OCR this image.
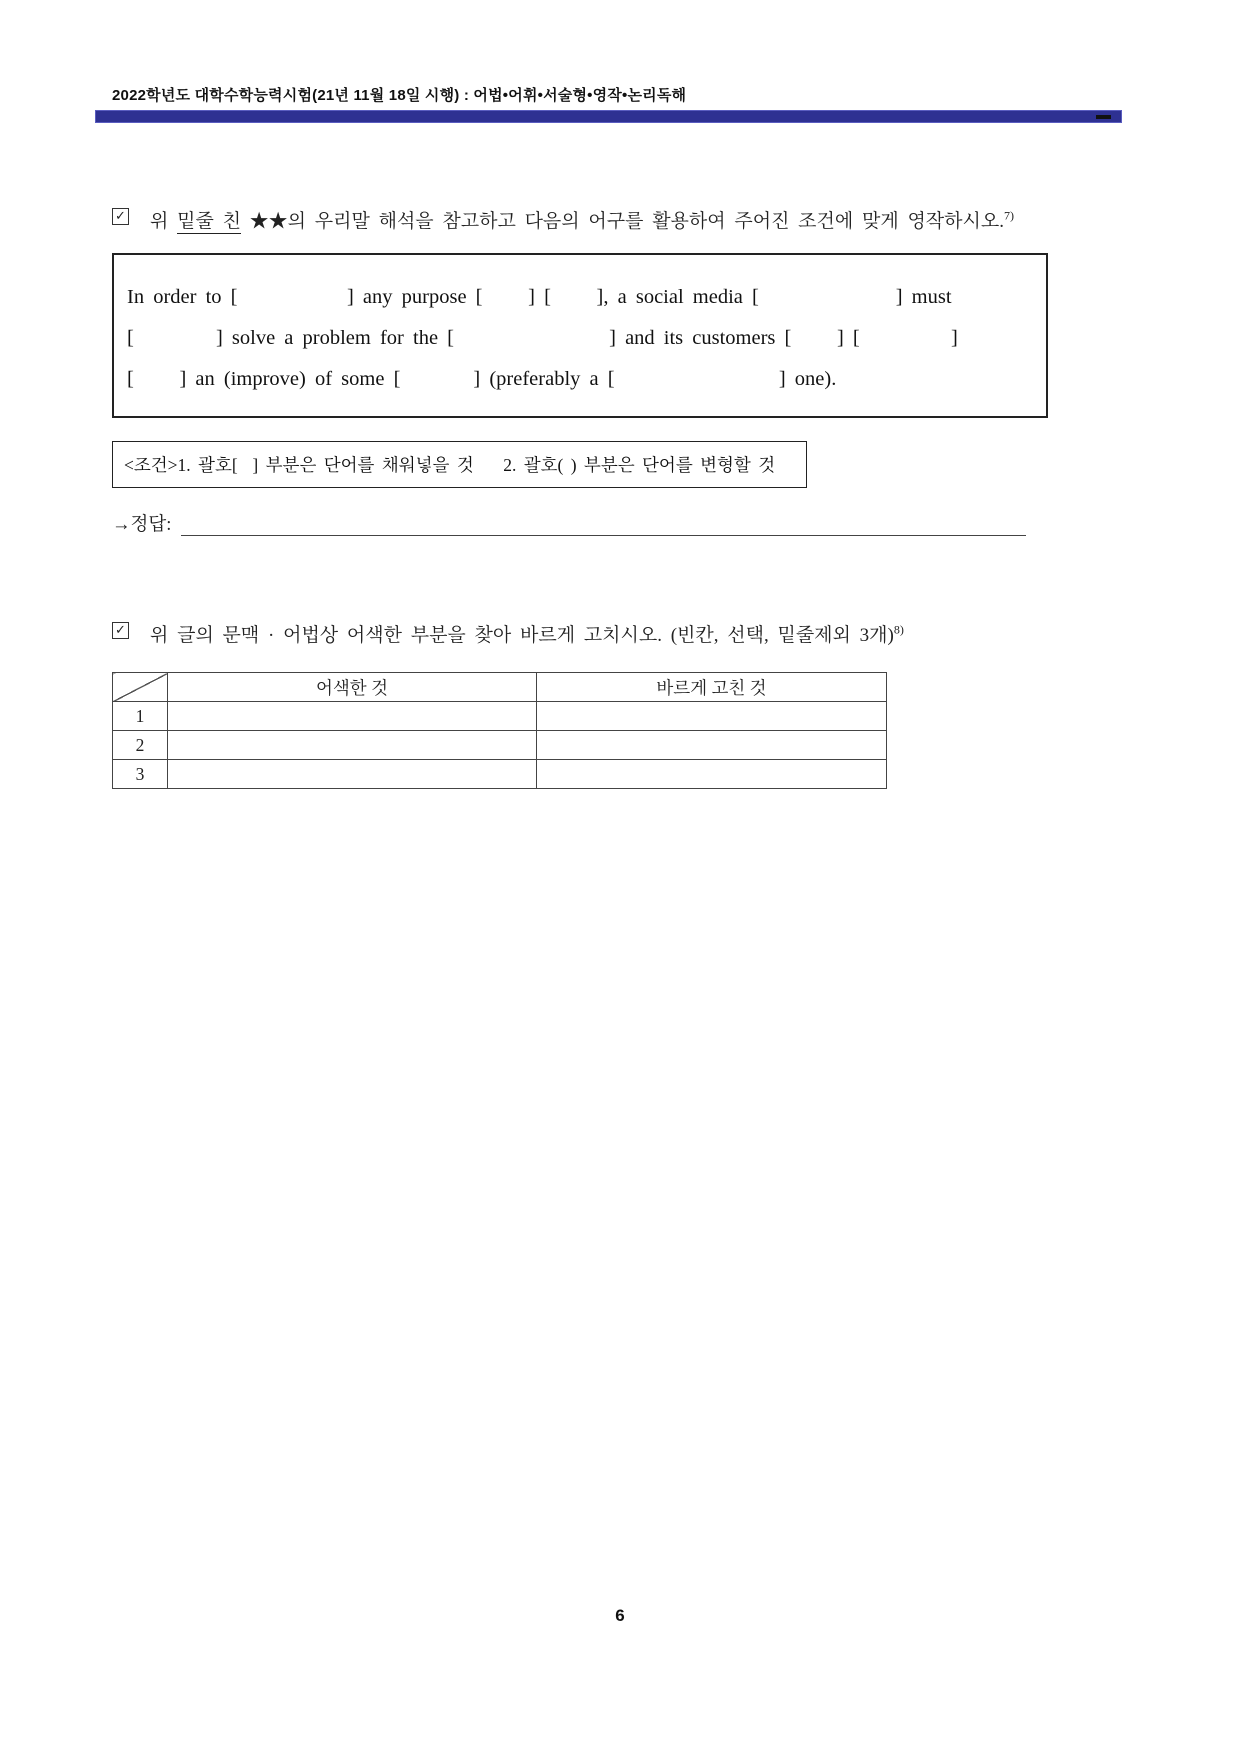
2022학년도 대학수학능력시험(21년 11월 18일 시행) : 어법•어휘•서술형•영작•논리독해
✓ 위 밑줄 친 ★★의 우리말 해석을 참고하고 다음의 어구를 활용하여 주어진 조건에 맞게 영작하시오.$^{7)}$
In order to [            ] any purpose [     ] [     ], a social media [               ] must
[         ] solve a problem for the [                 ] and its customers [     ] [          ]
[     ] an (improve) of some [        ] (preferably a [                  ] one).
<조건>1. 괄호[  ] 부분은 단어를 채워넣을 것    2. 괄호( ) 부분은 단어를 변형할 것
→정답:
✓ 위 글의 문맥 · 어법상 어색한 부분을 찾아 바르게 고치시오. (빈칸, 선택, 밑줄제외 3개)$^{8)}$
	어색한 것	바르게 고친 것
1		
2		
3		
6
